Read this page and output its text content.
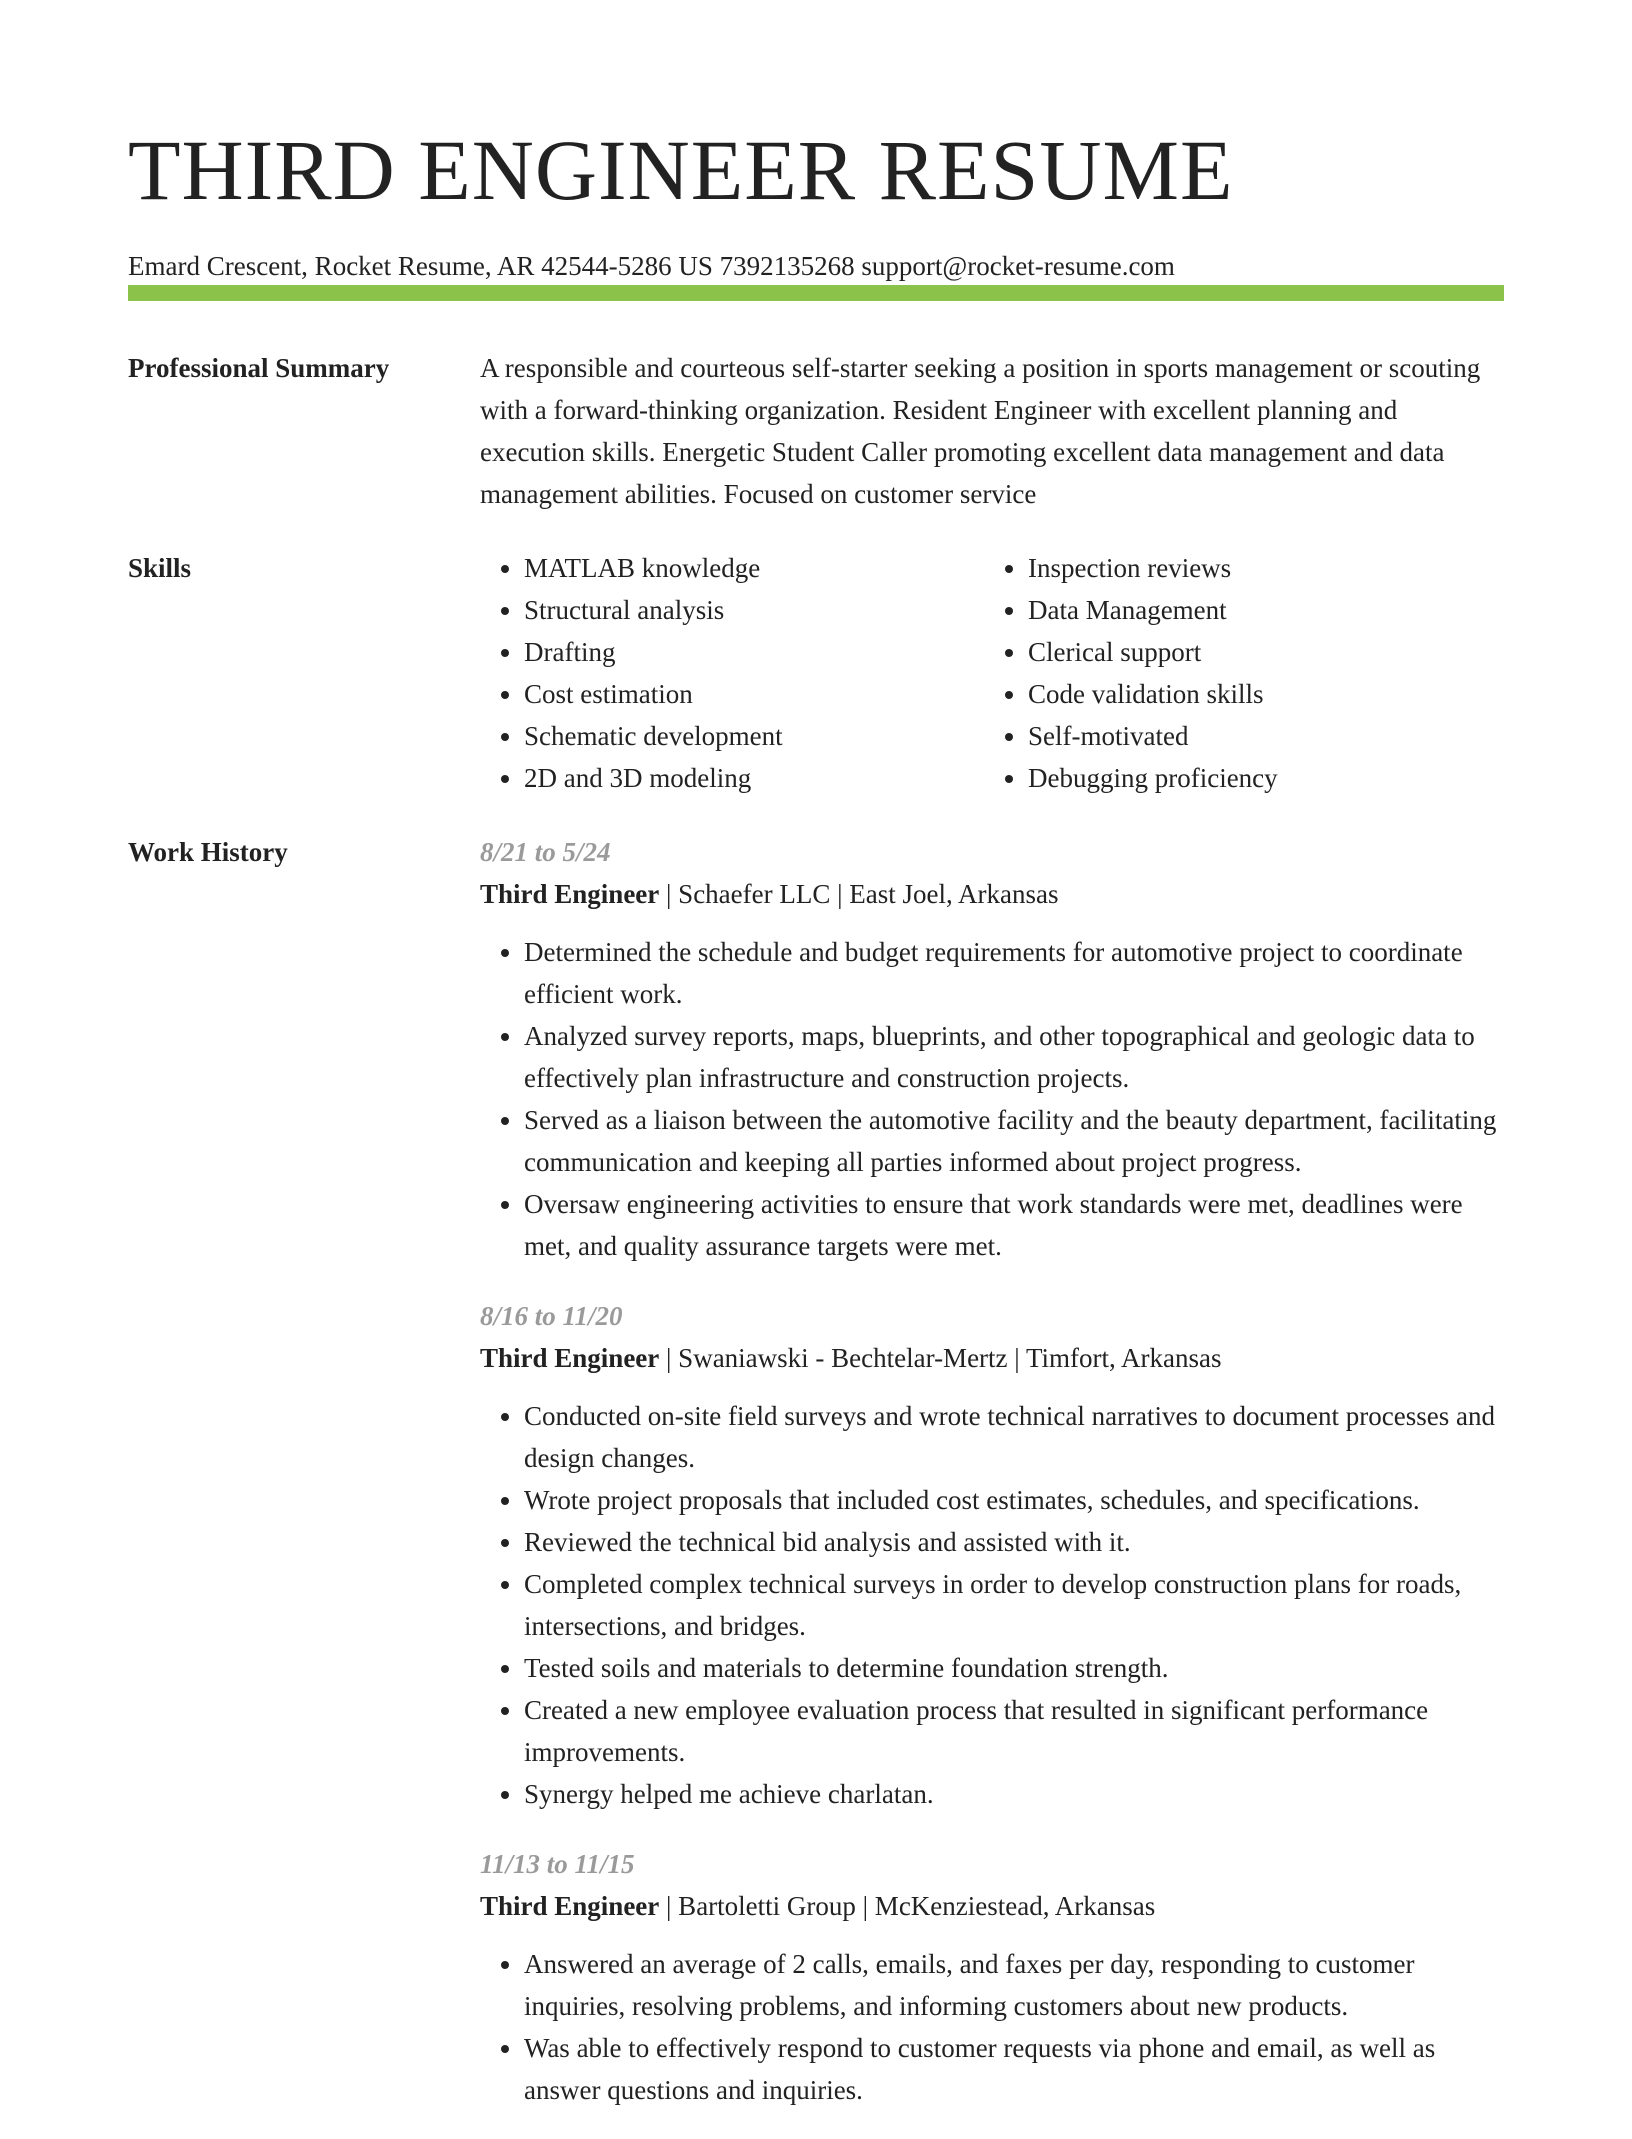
THIRD ENGINEER RESUME
Emard Crescent, Rocket Resume, AR 42544-5286 US 7392135268 support@rocket-resume.com
Professional Summary	A responsible and courteous self-starter seeking a position in sports management or scouting with a forward-thinking organization. Resident Engineer with excellent planning and execution skills. Energetic Student Caller promoting excellent data management and data management abilities. Focused on customer service

Skills
•	MATLAB knowledge
• Structural analysis
• Drafting
• Cost estimation
• Schematic development
• 2D and 3D modeling
• Inspection reviews
• Data Management
• Clerical support
• Code validation skills
• Self-motivated
• Debugging proficiency
Work History	8/21 to 5/24
Third Engineer | Schaefer LLC | East Joel, Arkansas
• Determined the schedule and budget requirements for automotive project to coordinate efficient work.
• Analyzed survey reports, maps, blueprints, and other topographical and geologic data to effectively plan infrastructure and construction projects.
• Served as a liaison between the automotive facility and the beauty department, facilitating communication and keeping all parties informed about project progress.
• Oversaw engineering activities to ensure that work standards were met, deadlines were met, and quality assurance targets were met.
8/16 to 11/20
Third Engineer | Swaniawski - Bechtelar-Mertz | Timfort, Arkansas
• Conducted on-site field surveys and wrote technical narratives to document processes and design changes.
• Wrote project proposals that included cost estimates, schedules, and specifications.
• Reviewed the technical bid analysis and assisted with it.
• Completed complex technical surveys in order to develop construction plans for roads, intersections, and bridges.
• Tested soils and materials to determine foundation strength.
• Created a new employee evaluation process that resulted in significant performance improvements.
• Synergy helped me achieve charlatan.
11/13 to 11/15
Third Engineer | Bartoletti Group | McKenziestead, Arkansas
• Answered an average of 2 calls, emails, and faxes per day, responding to customer inquiries, resolving problems, and informing customers about new products.
• Was able to effectively respond to customer requests via phone and email, as well as answer questions and inquiries.
